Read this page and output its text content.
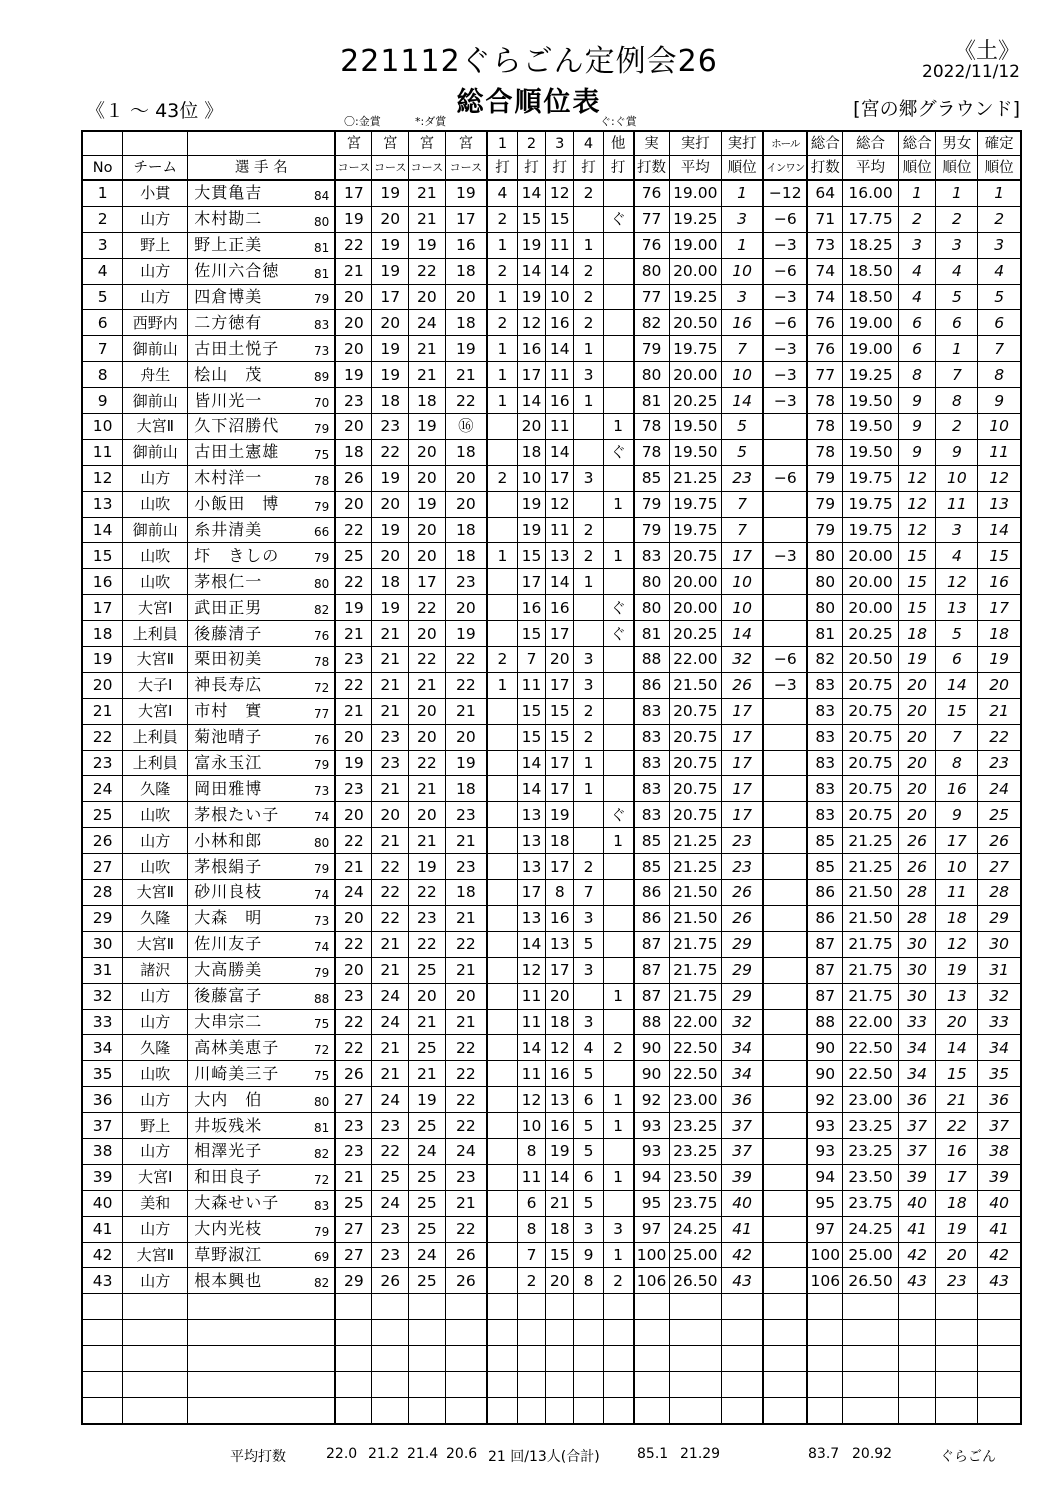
221112ぐらごん定例会26
総合順位表
《土》
2022/11/12
《１ ～ 43位 》	[宮の郷グラウンド]
〇:金賞	*:ダ賞	ぐ:ぐ賞
			宮	宮	宮	宮	1	2	3	4	他	実	実打	実打	ホール	総合	総合	総合	男女	確定
No	チーム	選 手 名	コース	コース	コース	コース	打	打	打	打	打	打数	平均	順位	インワン	打数	平均	順位	順位	順位
1	小貫	大貫亀吉 84	17	19	21	19	4	14	12	2		76	19.00	1	−12	64	16.00	1	1	1
2	山方	木村勘二 80	19	20	21	17	2	15	15		ぐ	77	19.25	3	−6	71	17.75	2	2	2
3	野上	野上正美 81	22	19	19	16	1	19	11	1		76	19.00	1	−3	73	18.25	3	3	3
4	山方	佐川六合徳 81	21	19	22	18	2	14	14	2		80	20.00	10	−6	74	18.50	4	4	4
5	山方	四倉博美 79	20	17	20	20	1	19	10	2		77	19.25	3	−3	74	18.50	4	5	5
6	西野内	二方徳有 83	20	20	24	18	2	12	16	2		82	20.50	16	−6	76	19.00	6	6	6
7	御前山	古田土悦子 73	20	19	21	19	1	16	14	1		79	19.75	7	−3	76	19.00	6	1	7
8	舟生	桧山　茂 89	19	19	21	21	1	17	11	3		80	20.00	10	−3	77	19.25	8	7	8
9	御前山	皆川光一 70	23	18	18	22	1	14	16	1		81	20.25	14	−3	78	19.50	9	8	9
10	大宮Ⅱ	久下沼勝代 79	20	23	19	⑯		20	11		1	78	19.50	5		78	19.50	9	2	10
11	御前山	古田土憲雄 75	18	22	20	18		18	14		ぐ	78	19.50	5		78	19.50	9	9	11
12	山方	木村洋一 78	26	19	20	20	2	10	17	3		85	21.25	23	−6	79	19.75	12	10	12
13	山吹	小飯田　博 79	20	20	19	20		19	12		1	79	19.75	7		79	19.75	12	11	13
14	御前山	糸井清美 66	22	19	20	18		19	11	2		79	19.75	7		79	19.75	12	3	14
15	山吹	圷　きしの 79	25	20	20	18	1	15	13	2	1	83	20.75	17	−3	80	20.00	15	4	15
16	山吹	茅根仁一 80	22	18	17	23		17	14	1		80	20.00	10		80	20.00	15	12	16
17	大宮Ⅰ	武田正男 82	19	19	22	20		16	16		ぐ	80	20.00	10		80	20.00	15	13	17
18	上利員	後藤清子 76	21	21	20	19		15	17		ぐ	81	20.25	14		81	20.25	18	5	18
19	大宮Ⅱ	栗田初美 78	23	21	22	22	2	7	20	3		88	22.00	32	−6	82	20.50	19	6	19
20	大子Ⅰ	神長寿広 72	22	21	21	22	1	11	17	3		86	21.50	26	−3	83	20.75	20	14	20
21	大宮Ⅰ	市村　實 77	21	21	20	21		15	15	2		83	20.75	17		83	20.75	20	15	21
22	上利員	菊池晴子 76	20	23	20	20		15	15	2		83	20.75	17		83	20.75	20	7	22
23	上利員	富永玉江 79	19	23	22	19		14	17	1		83	20.75	17		83	20.75	20	8	23
24	久隆	岡田雅博 73	23	21	21	18		14	17	1		83	20.75	17		83	20.75	20	16	24
25	山吹	茅根たい子 74	20	20	20	23		13	19		ぐ	83	20.75	17		83	20.75	20	9	25
26	山方	小林和郎 80	22	21	21	21		13	18		1	85	21.25	23		85	21.25	26	17	26
27	山吹	茅根絹子 79	21	22	19	23		13	17	2		85	21.25	23		85	21.25	26	10	27
28	大宮Ⅱ	砂川良枝 74	24	22	22	18		17	8	7		86	21.50	26		86	21.50	28	11	28
29	久隆	大森　明 73	20	22	23	21		13	16	3		86	21.50	26		86	21.50	28	18	29
30	大宮Ⅱ	佐川友子 74	22	21	22	22		14	13	5		87	21.75	29		87	21.75	30	12	30
31	諸沢	大高勝美 79	20	21	25	21		12	17	3		87	21.75	29		87	21.75	30	19	31
32	山方	後藤富子 88	23	24	20	20		11	20		1	87	21.75	29		87	21.75	30	13	32
33	山方	大串宗二 75	22	24	21	21		11	18	3		88	22.00	32		88	22.00	33	20	33
34	久隆	高林美恵子 72	22	21	25	22		14	12	4	2	90	22.50	34		90	22.50	34	14	34
35	山吹	川崎美三子 75	26	21	21	22		11	16	5		90	22.50	34		90	22.50	34	15	35
36	山方	大内　伯 80	27	24	19	22		12	13	6	1	92	23.00	36		92	23.00	36	21	36
37	野上	井坂残米 81	23	23	25	22		10	16	5	1	93	23.25	37		93	23.25	37	22	37
38	山方	相澤光子 82	23	22	24	24		8	19	5		93	23.25	37		93	23.25	37	16	38
39	大宮Ⅰ	和田良子 72	21	25	25	23		11	14	6	1	94	23.50	39		94	23.50	39	17	39
40	美和	大森せい子 83	25	24	25	21		6	21	5		95	23.75	40		95	23.75	40	18	40
41	山方	大内光枝 79	27	23	25	22		8	18	3	3	97	24.25	41		97	24.25	41	19	41
42	大宮Ⅱ	草野淑江 69	27	23	24	26		7	15	9	1	100	25.00	42		100	25.00	42	20	42
43	山方	根本興也 82	29	26	25	26		2	20	8	2	106	26.50	43		106	26.50	43	23	43

平均打数	22.0 21.2 21.4 20.6 21 回/13人(合計)	85.1 21.29	83.7 20.92	ぐらごん
